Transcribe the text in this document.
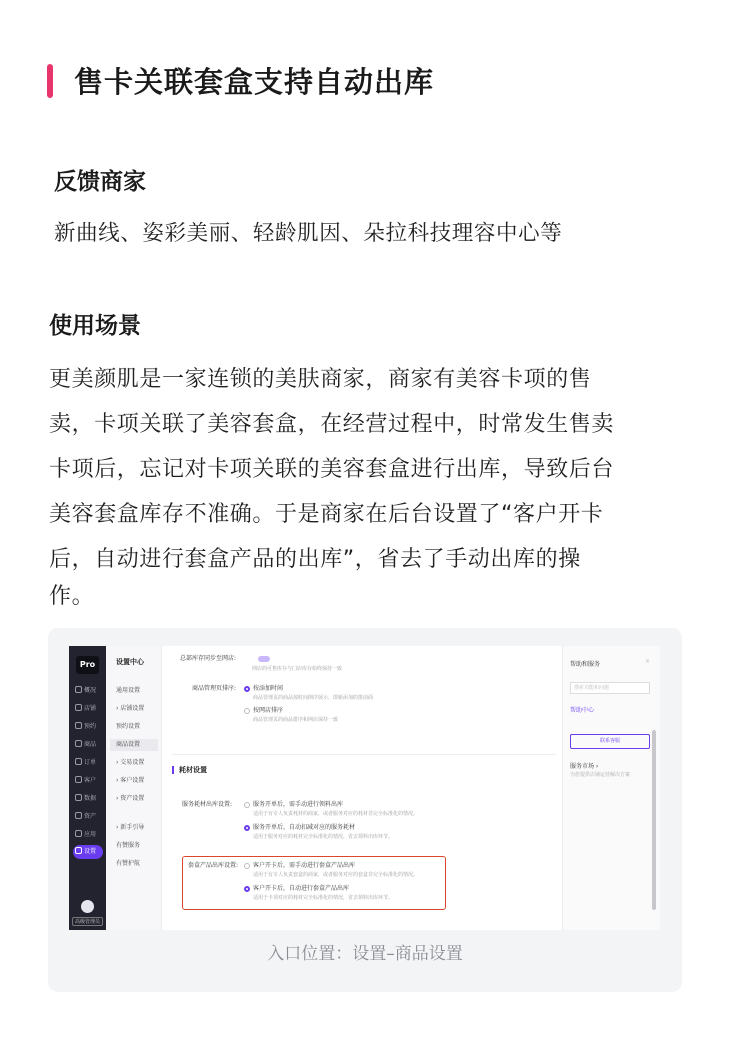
售卡关联套盒支持自动出库
反馈商家
新曲线、姿彩美丽、轻龄肌因、朵拉科技理容中心等
使用场景
更美颜肌是一家连锁的美肤商家，商家有美容卡项的售
卖，卡项关联了美容套盒，在经营过程中，时常发生售卖
卡项后，忘记对卡项关联的美容套盒进行出库，导致后台
美容套盒库存不准确。于是商家在后台设置了“客户开卡
后，自动进行套盒产品的出库”，省去了手动出库的操
作。
Pro
概况
店铺
预约
商品
订单
客户
数据
资产
应用
设置
高级管理员
设置中心
通用设置
› 店铺设置
预约设置
商品设置
› 交易设置
› 客户设置
› 资产设置
› 新手引导
有赞服务
有赞护航
总部库存同步至网店:
网店的可售库存与门店库存始终保持一致
商品管理页排序:	按添加时间
商品管理页的商品按时间倒序展示，即新添加的排前面
按网店排序
商品管理页的商品排序和网店保持一致
耗材设置
服务耗材出库设置:	服务开单后，需手动进行领料出库
适用于有专人负责耗材的商家，或者服务对应的耗材非完全标准化的情况。
服务开单后，自动扣减对应的服务耗材
适用于服务对应的耗材完全标准化的情况，省去领料出库环节。
套盒产品出库设置: 客户开卡后，需手动进行套盒产品出库
适用于有专人负责套盒的商家，或者服务对应的套盒非完全标准化的情况。
客户开卡后，自动进行套盒产品出库
适用于卡项对应的耗材完全标准化的情况，省去领料出库环节。
帮助和服务	×
搜索功能和问题
帮助中心
联系客服
服务市场 ›
为您提供店铺运营解决方案
入口位置：设置–商品设置
